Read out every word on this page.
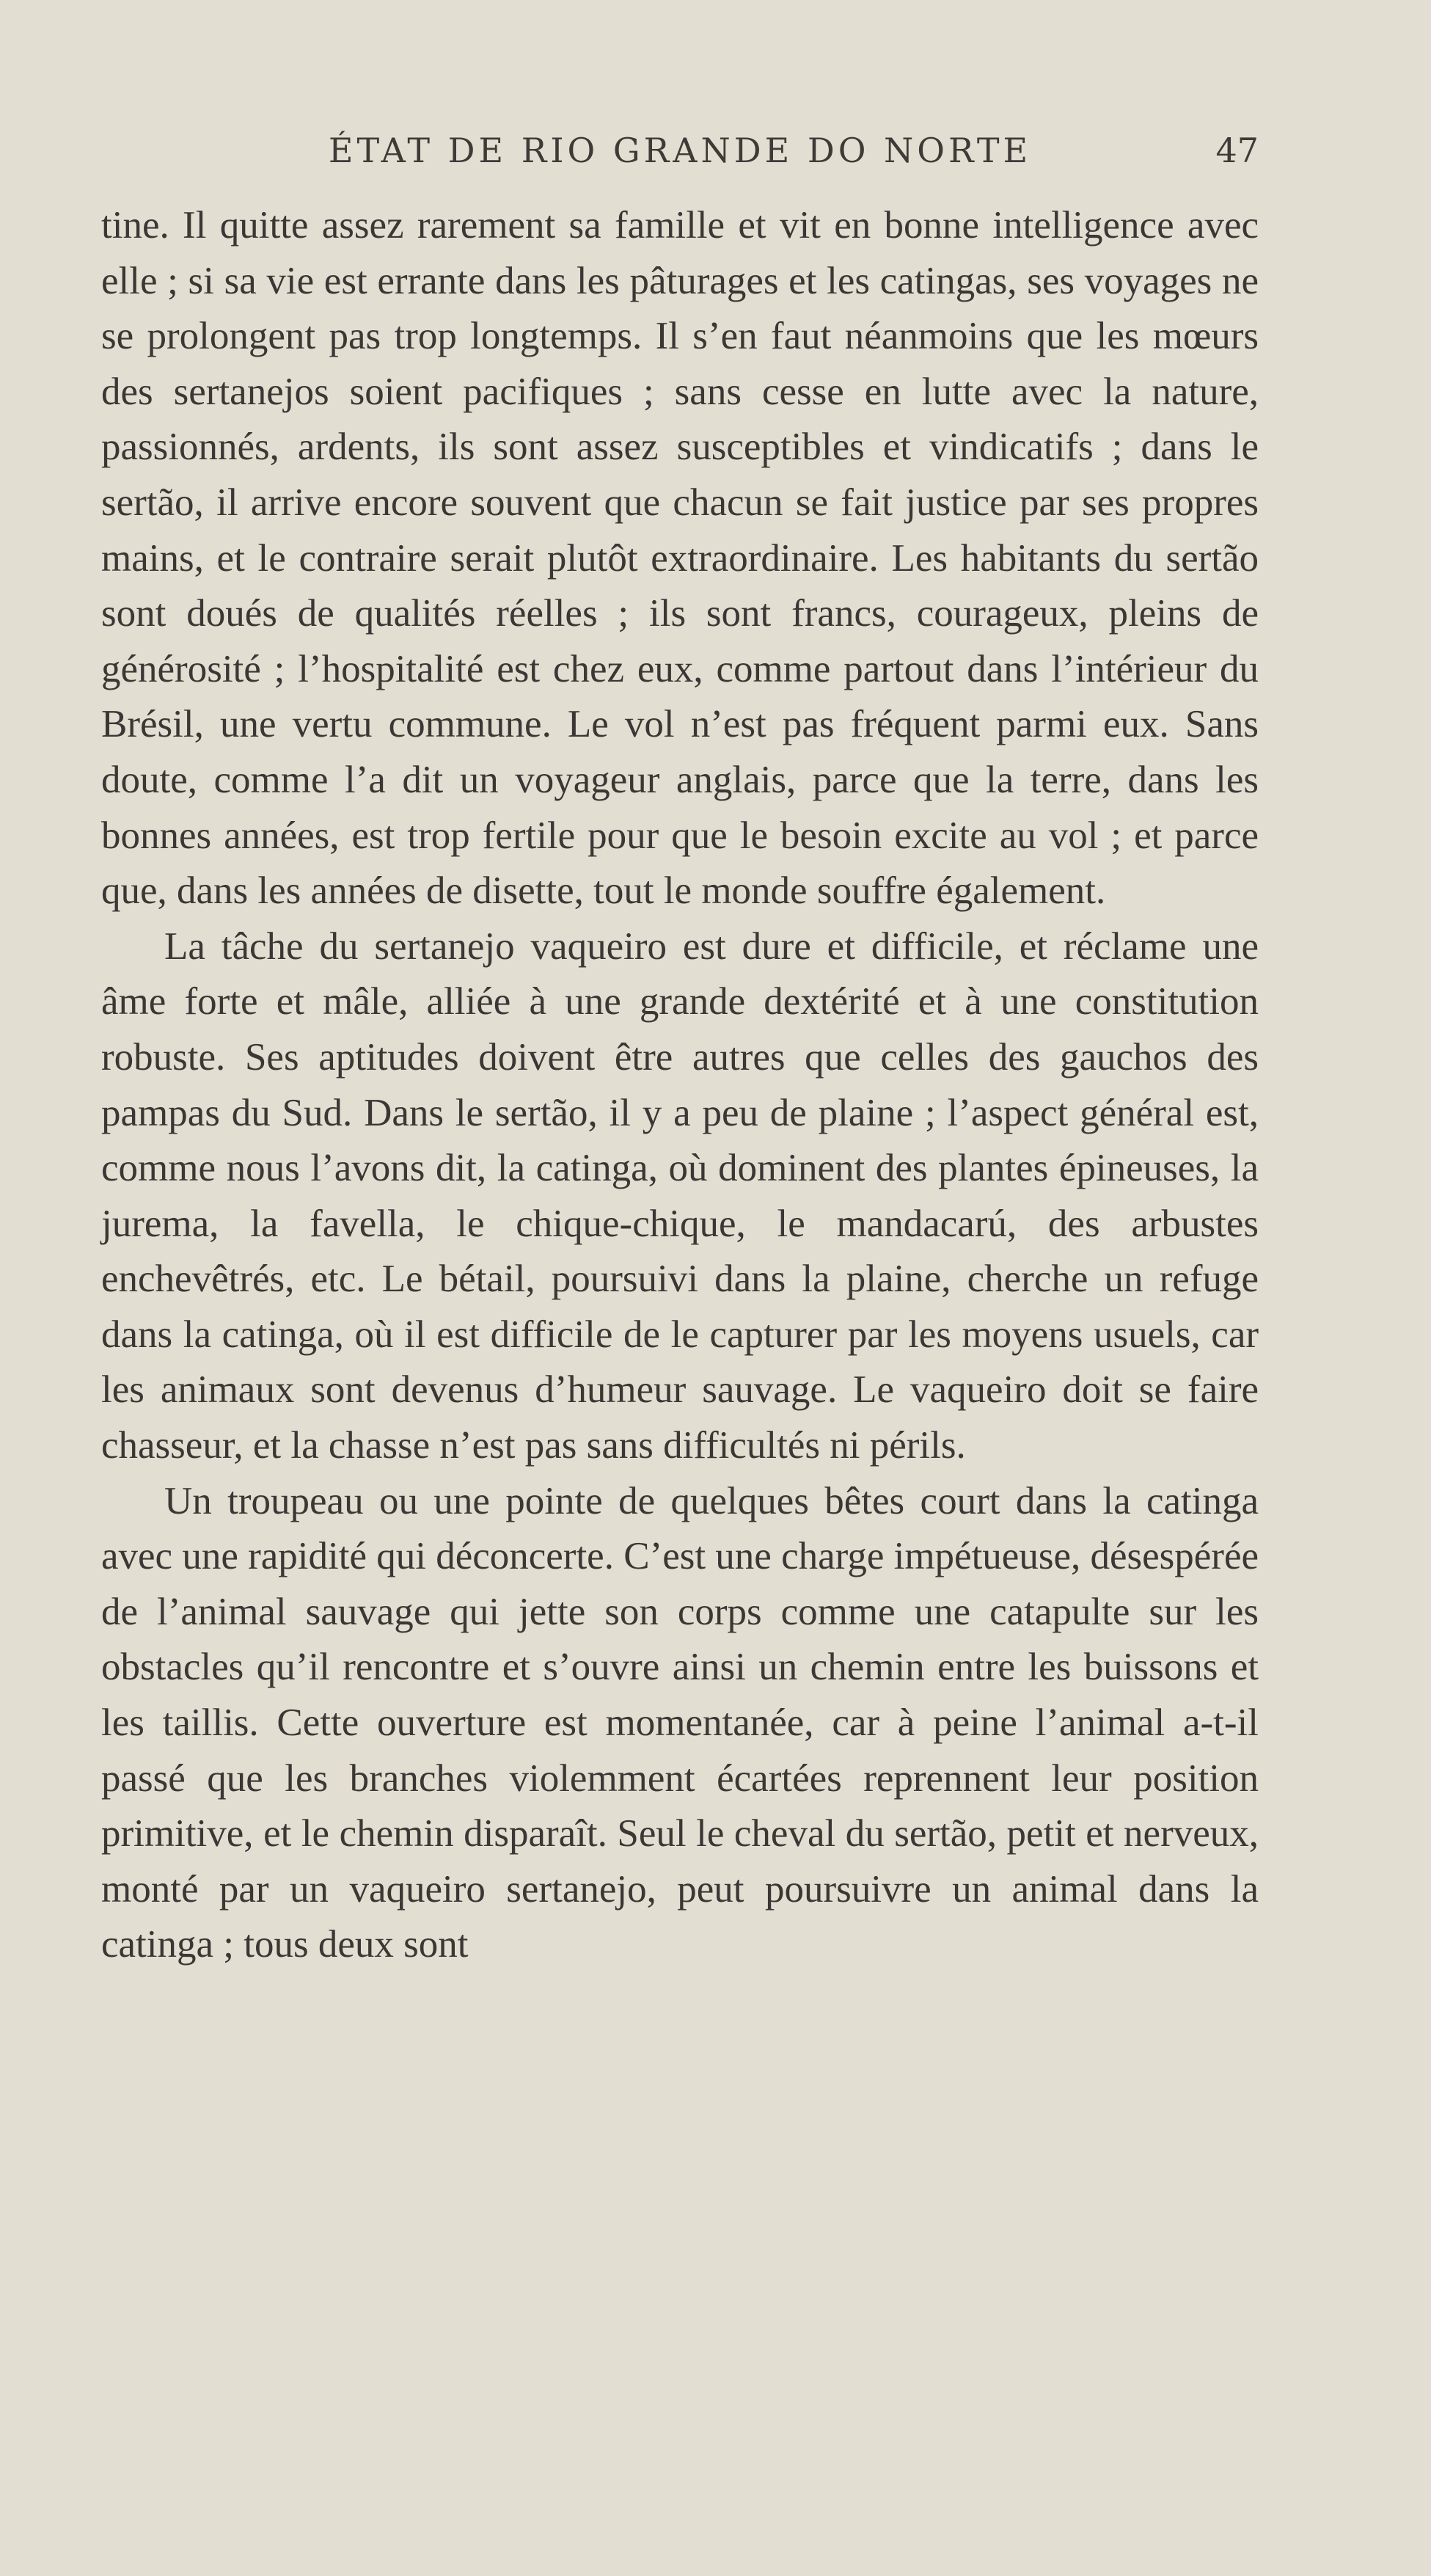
ÉTAT DE RIO GRANDE DO NORTE	47

tine. Il quitte assez rarement sa famille et vit en bonne intelligence avec elle ; si sa vie est errante dans les pâturages et les catingas, ses voyages ne se prolongent pas trop longtemps. Il s’en faut néanmoins que les mœurs des sertanejos soient pacifiques ; sans cesse en lutte avec la nature, passionnés, ardents, ils sont assez susceptibles et vindicatifs ; dans le sertão, il arrive encore souvent que chacun se fait justice par ses propres mains, et le contraire serait plutôt extraordinaire. Les habitants du sertão sont doués de qualités réelles ; ils sont francs, courageux, pleins de générosité ; l’hospitalité est chez eux, comme partout dans l’intérieur du Brésil, une vertu commune. Le vol n’est pas fréquent parmi eux. Sans doute, comme l’a dit un voyageur anglais, parce que la terre, dans les bonnes années, est trop fertile pour que le besoin excite au vol ; et parce que, dans les années de disette, tout le monde souffre également.

La tâche du sertanejo vaqueiro est dure et difficile, et réclame une âme forte et mâle, alliée à une grande dextérité et à une constitution robuste. Ses aptitudes doivent être autres que celles des gauchos des pampas du Sud. Dans le sertão, il y a peu de plaine ; l’aspect général est, comme nous l’avons dit, la catinga, où dominent des plantes épineuses, la jurema, la favella, le chique-chique, le mandacarú, des arbustes enchevêtrés, etc. Le bétail, poursuivi dans la plaine, cherche un refuge dans la catinga, où il est difficile de le capturer par les moyens usuels, car les animaux sont devenus d’humeur sauvage. Le vaqueiro doit se faire chasseur, et la chasse n’est pas sans difficultés ni périls.

Un troupeau ou une pointe de quelques bêtes court dans la catinga avec une rapidité qui déconcerte. C’est une charge impétueuse, désespérée de l’animal sauvage qui jette son corps comme une catapulte sur les obstacles qu’il rencontre et s’ouvre ainsi un chemin entre les buissons et les taillis. Cette ouverture est momentanée, car à peine l’animal a-t-il passé que les branches violemment écartées reprennent leur position primitive, et le chemin disparaît. Seul le cheval du sertão, petit et nerveux, monté par un vaqueiro sertanejo, peut poursuivre un animal dans la catinga ; tous deux sont
